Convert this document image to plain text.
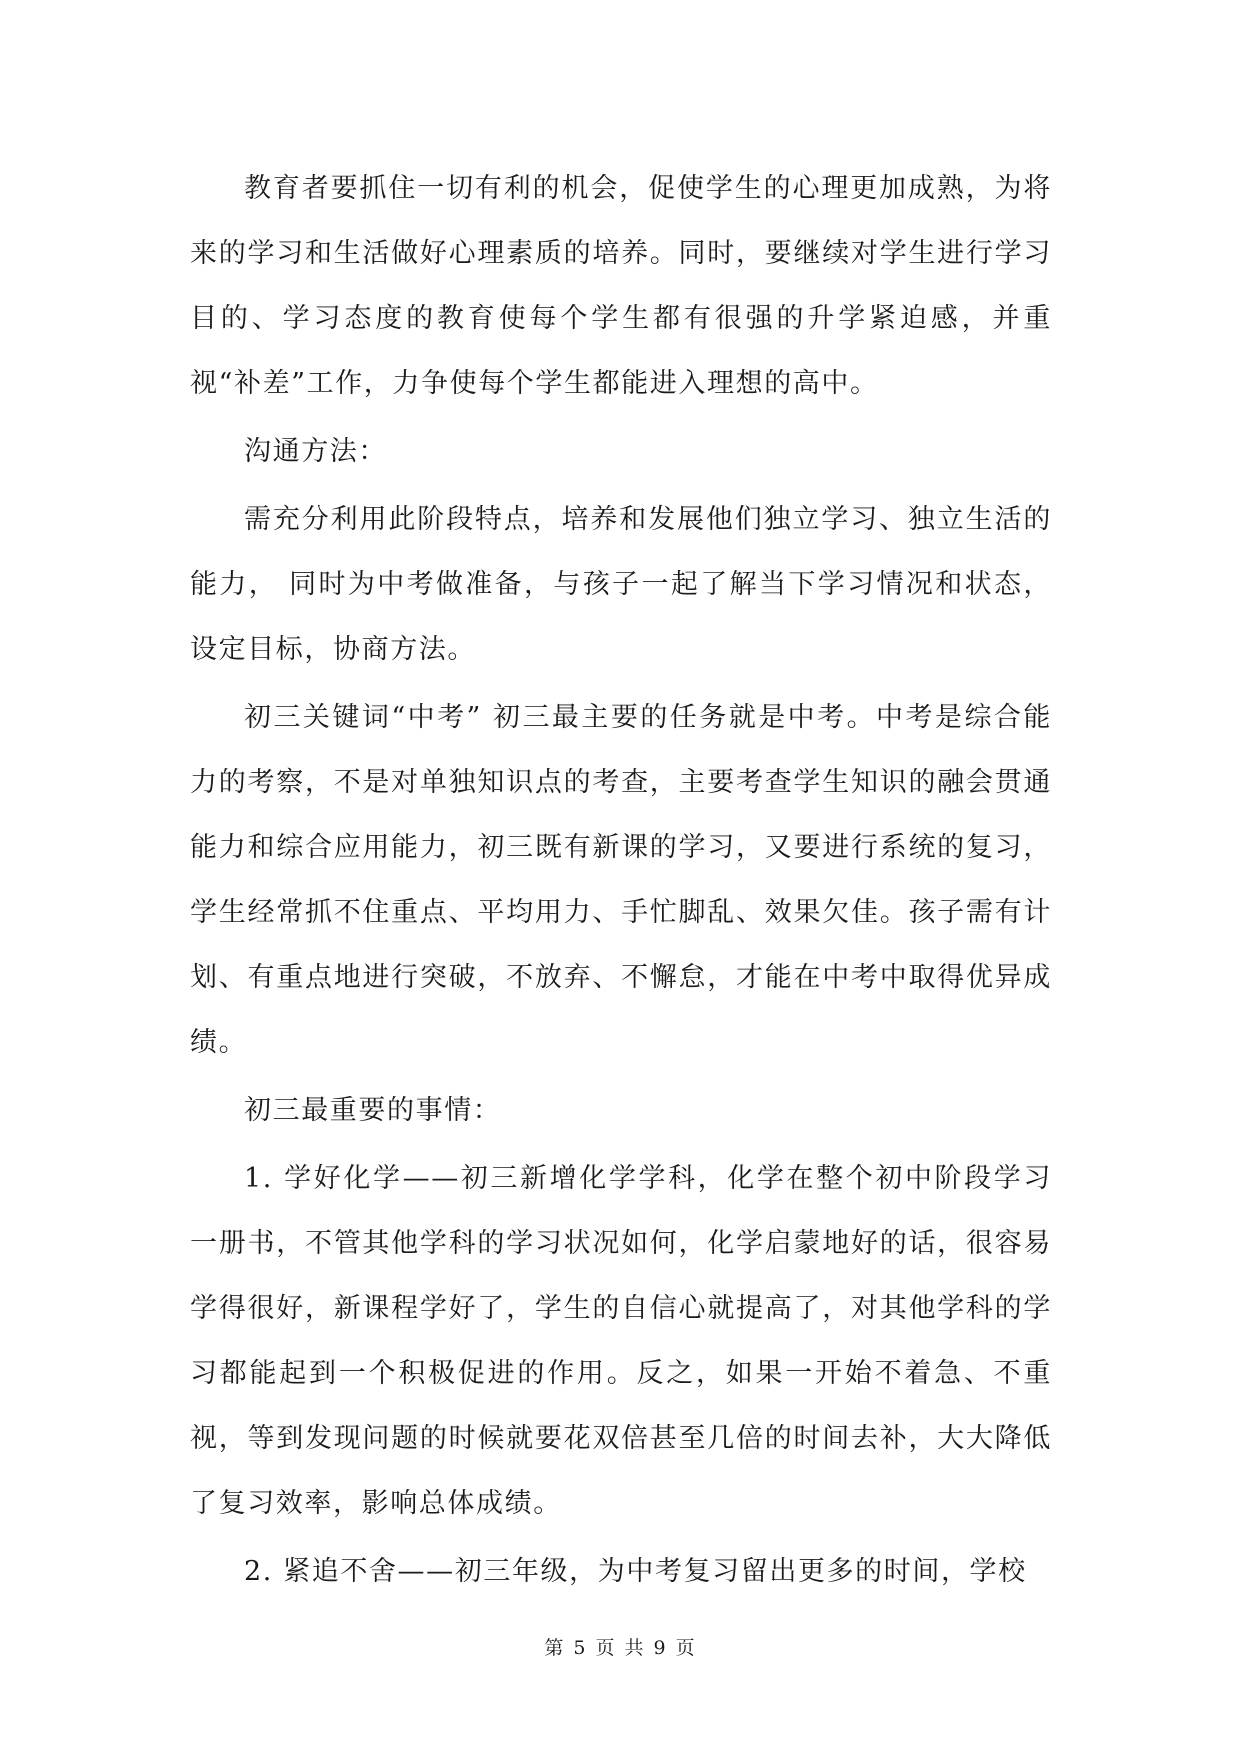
教育者要抓住一切有利的机会，促使学生的心理更加成熟，为将来的学习和生活做好心理素质的培养。同时，要继续对学生进行学习目的、学习态度的教育使每个学生都有很强的升学紧迫感，并重视“补差”工作，力争使每个学生都能进入理想的高中。

沟通方法：

需充分利用此阶段特点，培养和发展他们独立学习、独立生活的能力， 同时为中考做准备，与孩子一起了解当下学习情况和状态，设定目标，协商方法。

初三关键词“中考” 初三最主要的任务就是中考。中考是综合能力的考察，不是对单独知识点的考查，主要考查学生知识的融会贯通能力和综合应用能力，初三既有新课的学习，又要进行系统的复习，学生经常抓不住重点、平均用力、手忙脚乱、效果欠佳。孩子需有计划、有重点地进行突破，不放弃、不懈怠，才能在中考中取得优异成绩。

初三最重要的事情：

1. 学好化学——初三新增化学学科，化学在整个初中阶段学习一册书，不管其他学科的学习状况如何，化学启蒙地好的话，很容易学得很好，新课程学好了，学生的自信心就提高了，对其他学科的学习都能起到一个积极促进的作用。反之，如果一开始不着急、不重视，等到发现问题的时候就要花双倍甚至几倍的时间去补，大大降低了复习效率，影响总体成绩。

2. 紧追不舍——初三年级，为中考复习留出更多的时间，学校

第 5 页 共 9 页
